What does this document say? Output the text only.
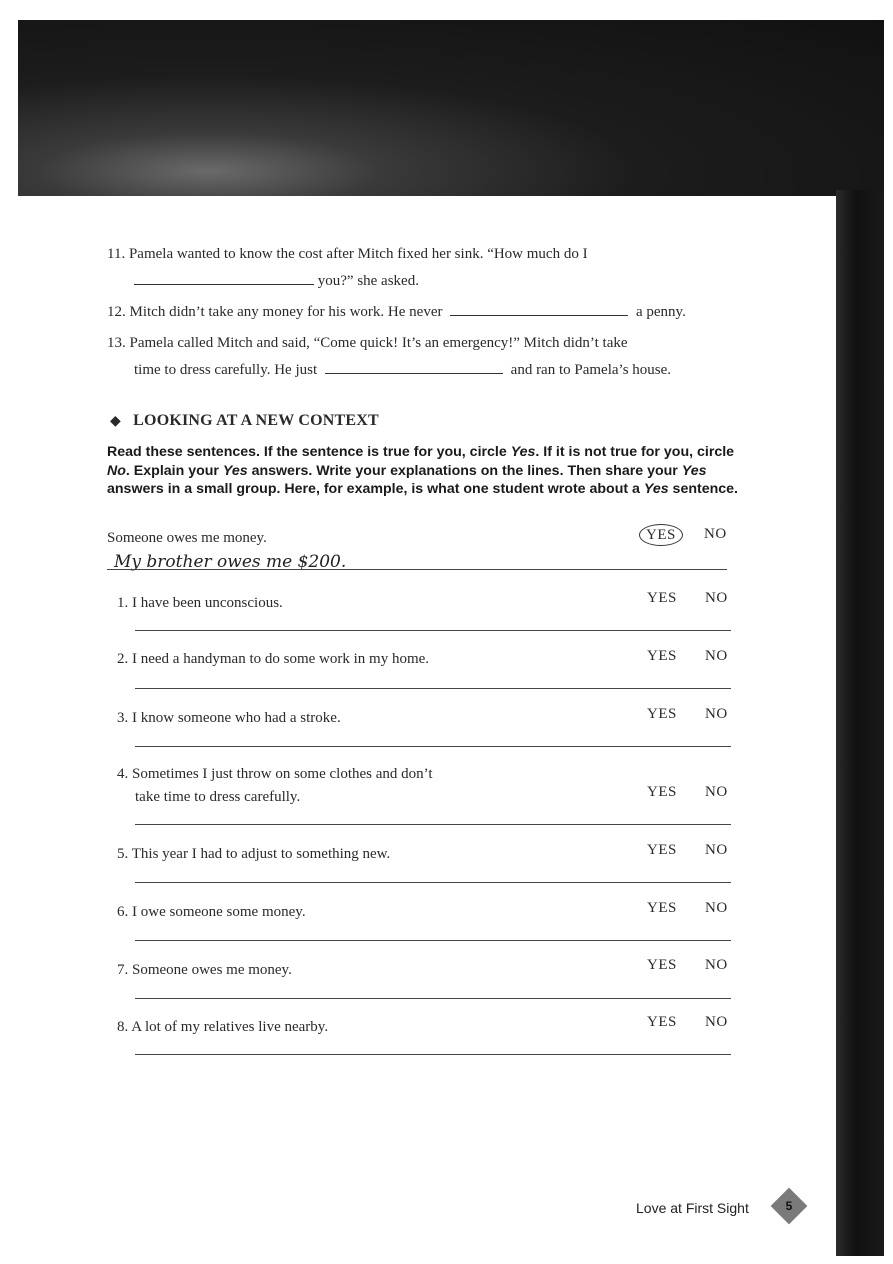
11. Pamela wanted to know the cost after Mitch fixed her sink. “How much do I
you?” she asked.
12. Mitch didn’t take any money for his work. He never	a penny.
13. Pamela called Mitch and said, “Come quick! It’s an emergency!” Mitch didn’t take
time to dress carefully. He just	and ran to Pamela’s house.
◆ LOOKING AT A NEW CONTEXT
Read these sentences. If the sentence is true for you, circle Yes. If it is not true for you, circle No. Explain your Yes answers. Write your explanations on the lines. Then share your Yes answers in a small group. Here, for example, is what one student wrote about a Yes sentence.
Someone owes me money.	YES	NO
My brother owes me $200.
1. I have been unconscious.	YES NO
2. I need a handyman to do some work in my home.	YES NO
3. I know someone who had a stroke.	YES NO
4. Sometimes I just throw on some clothes and don’t
take time to dress carefully.	YES NO
5. This year I had to adjust to something new.	YES NO
6. I owe someone some money.	YES NO
7. Someone owes me money.	YES NO
8. A lot of my relatives live nearby.	YES NO
Love at First Sight	5
